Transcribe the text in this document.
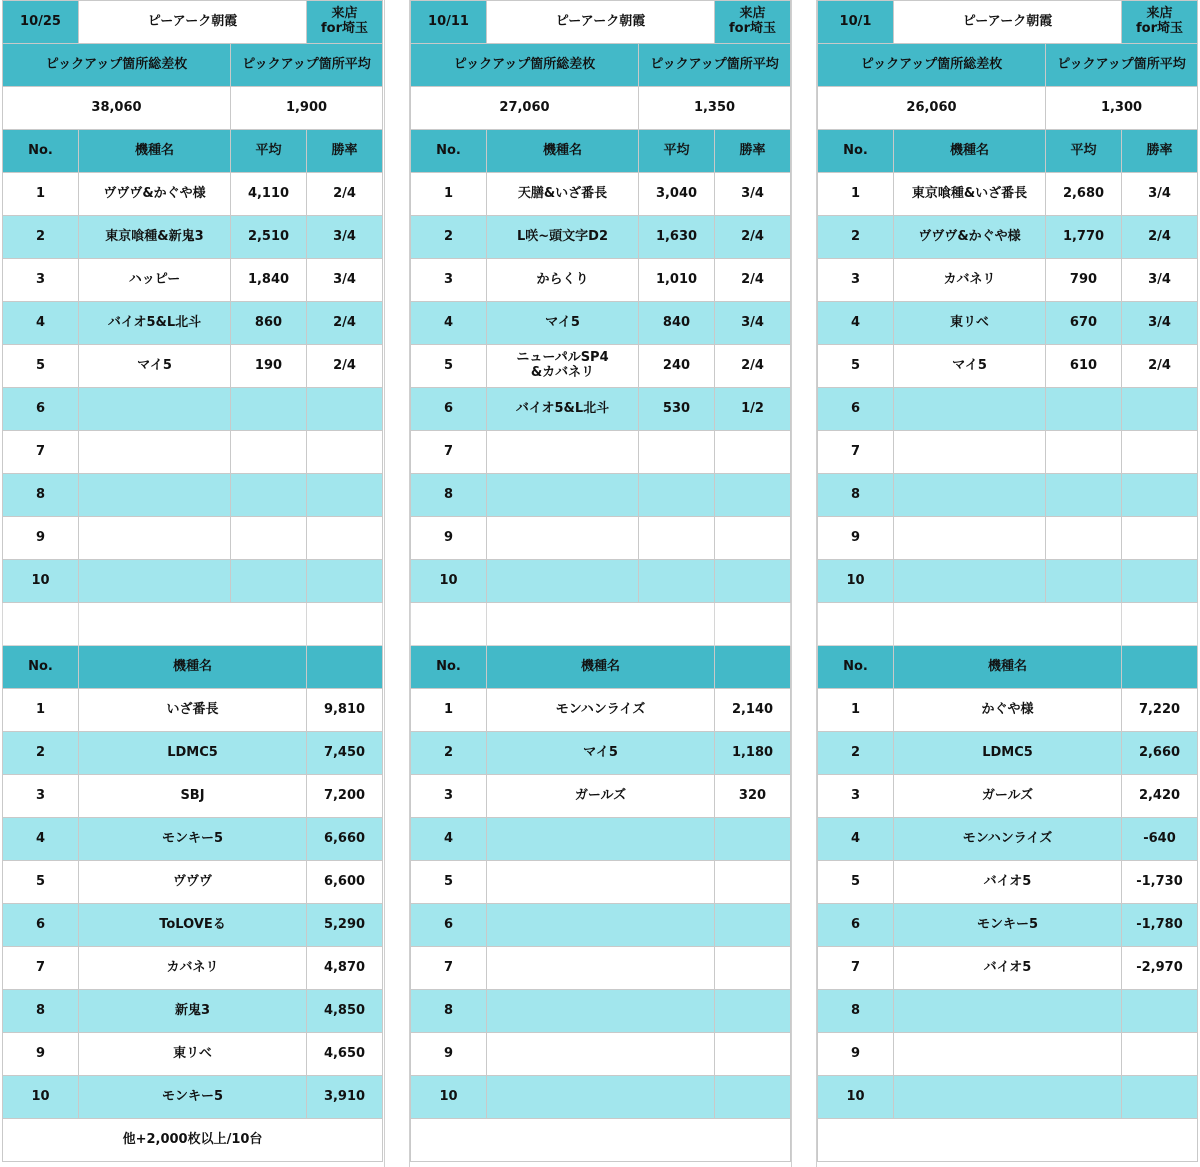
10/1	ピーアーク朝霞		来店
for埼玉
ピックアップ箇所総差枚		ピックアップ箇所平均	
26,060		1,300	
No.	機種名	平均	勝率
1	東京喰種&いざ番長	2,680	3/4
2	ヴヴヴ&かぐや様	1,770	2/4
3	カバネリ	790	3/4
4	東リベ	670	3/4
5	マイ5	610	2/4
6			
7			
8			
9			
10			

No.	機種名		
1	かぐや様		7,220
2	LDMC5		2,660
3	ガールズ		2,420
4	モンハンライズ		-640
5	バイオ5		-1,730
6	モンキー5		-1,780
7	バイオ5		-2,970
8			
9			
10			

10/11	ピーアーク朝霞		来店
for埼玉
ピックアップ箇所総差枚		ピックアップ箇所平均	
27,060		1,350	
No.	機種名	平均	勝率
1	天膳&いざ番長	3,040	3/4
2	L咲~頭文字D2	1,630	2/4
3	からくり	1,010	2/4
4	マイ5	840	3/4
5	ニューパルSP4
&カバネリ	240	2/4
6	バイオ5&L北斗	530	1/2
7			
8			
9			
10			

No.	機種名		
1	モンハンライズ		2,140
2	マイ5		1,180
3	ガールズ		320
4			
5			
6			
7			
8			
9			
10			

10/25	ピーアーク朝霞		来店
for埼玉
ピックアップ箇所総差枚		ピックアップ箇所平均	
38,060		1,900	
No.	機種名	平均	勝率
1	ヴヴヴ&かぐや様	4,110	2/4
2	東京喰種&新鬼3	2,510	3/4
3	ハッピー	1,840	3/4
4	バイオ5&L北斗	860	2/4
5	マイ5	190	2/4
6			
7			
8			
9			
10			

No.	機種名		
1	いざ番長		9,810
2	LDMC5		7,450
3	SBJ		7,200
4	モンキー5		6,660
5	ヴヴヴ		6,600
6	ToLOVEる		5,290
7	カバネリ		4,870
8	新鬼3		4,850
9	東リベ		4,650
10	モンキー5		3,910
他+2,000枚以上/10台			
